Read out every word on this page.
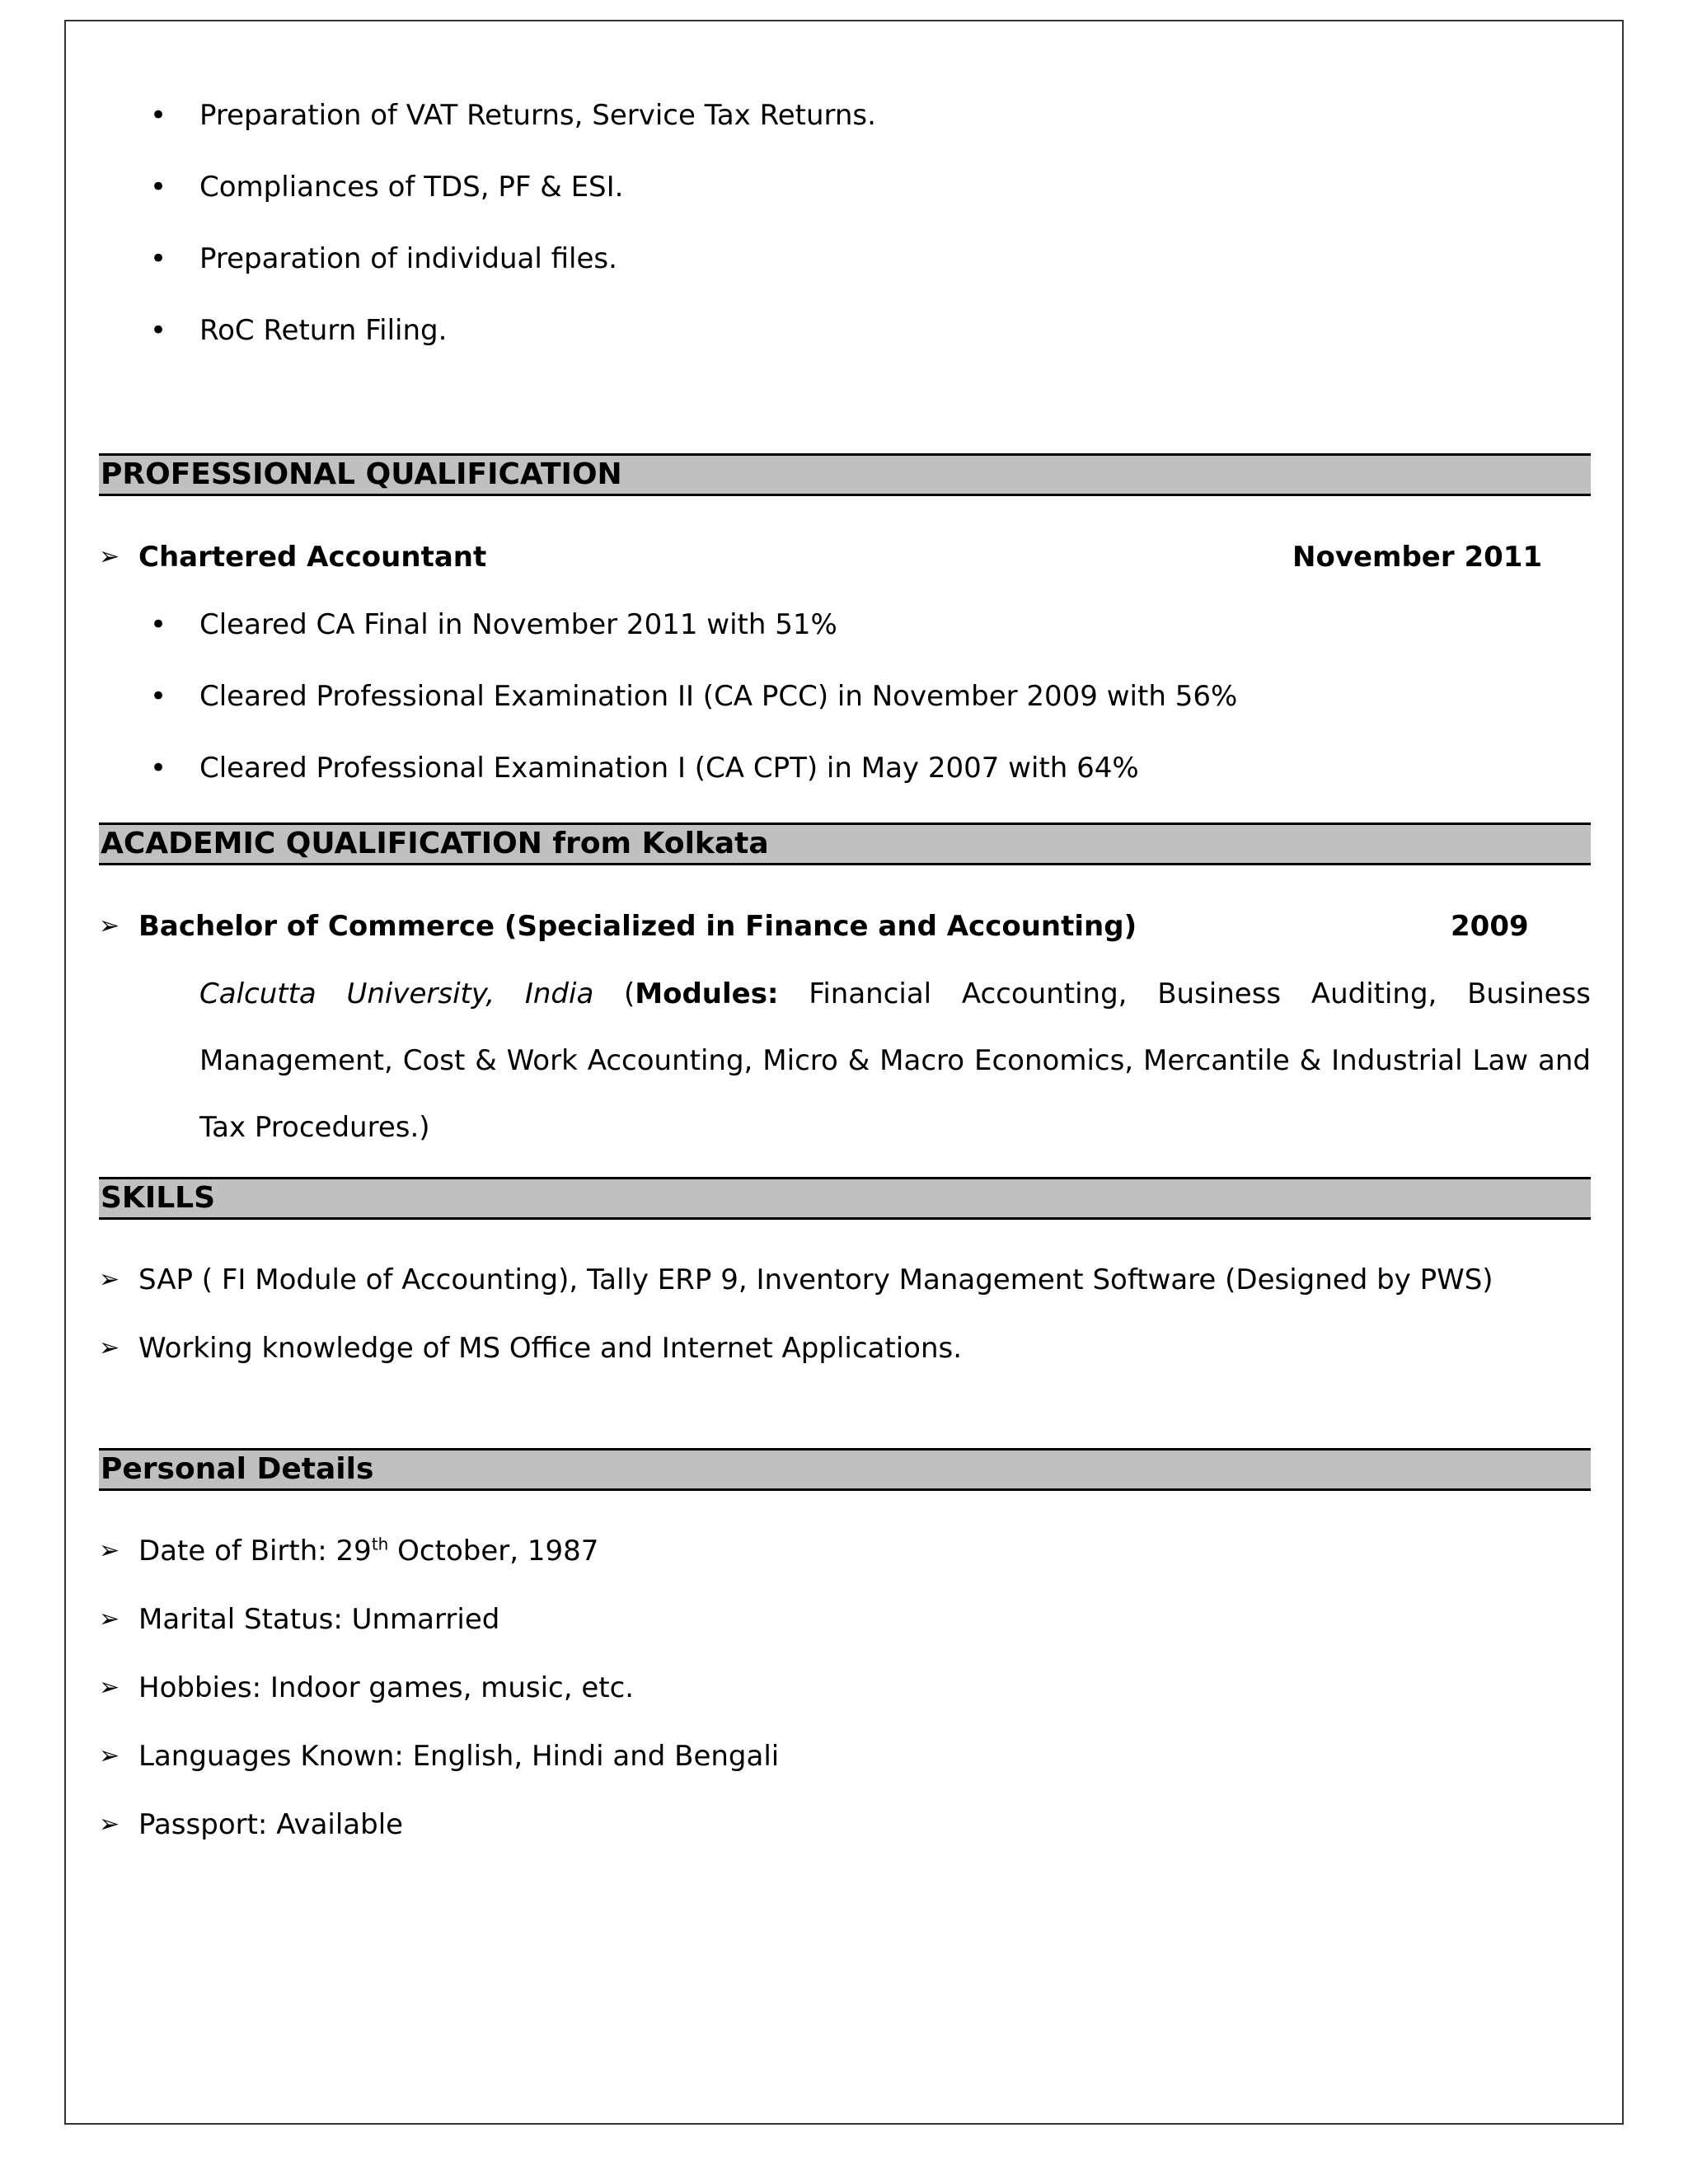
• Preparation of VAT Returns, Service Tax Returns.
• Compliances of TDS, PF & ESI.
• Preparation of individual files.
• RoC Return Filing.
PROFESSIONAL QUALIFICATION
➢ Chartered Accountant	November 2011
• Cleared CA Final in November 2011 with 51%
• Cleared Professional Examination II (CA PCC) in November 2009 with 56%
• Cleared Professional Examination I (CA CPT) in May 2007 with 64%
ACADEMIC QUALIFICATION from Kolkata
➢ Bachelor of Commerce (Specialized in Finance and Accounting)	2009
Calcutta University, India (Modules: Financial Accounting, Business Auditing, Business Management, Cost & Work Accounting, Micro & Macro Economics, Mercantile & Industrial Law and Tax Procedures.)
SKILLS
➢ SAP ( FI Module of Accounting), Tally ERP 9, Inventory Management Software (Designed by PWS)
➢ Working knowledge of MS Office and Internet Applications.
Personal Details
➢ Date of Birth: 29th October, 1987
➢ Marital Status: Unmarried
➢ Hobbies: Indoor games, music, etc.
➢ Languages Known: English, Hindi and Bengali
➢ Passport: Available
